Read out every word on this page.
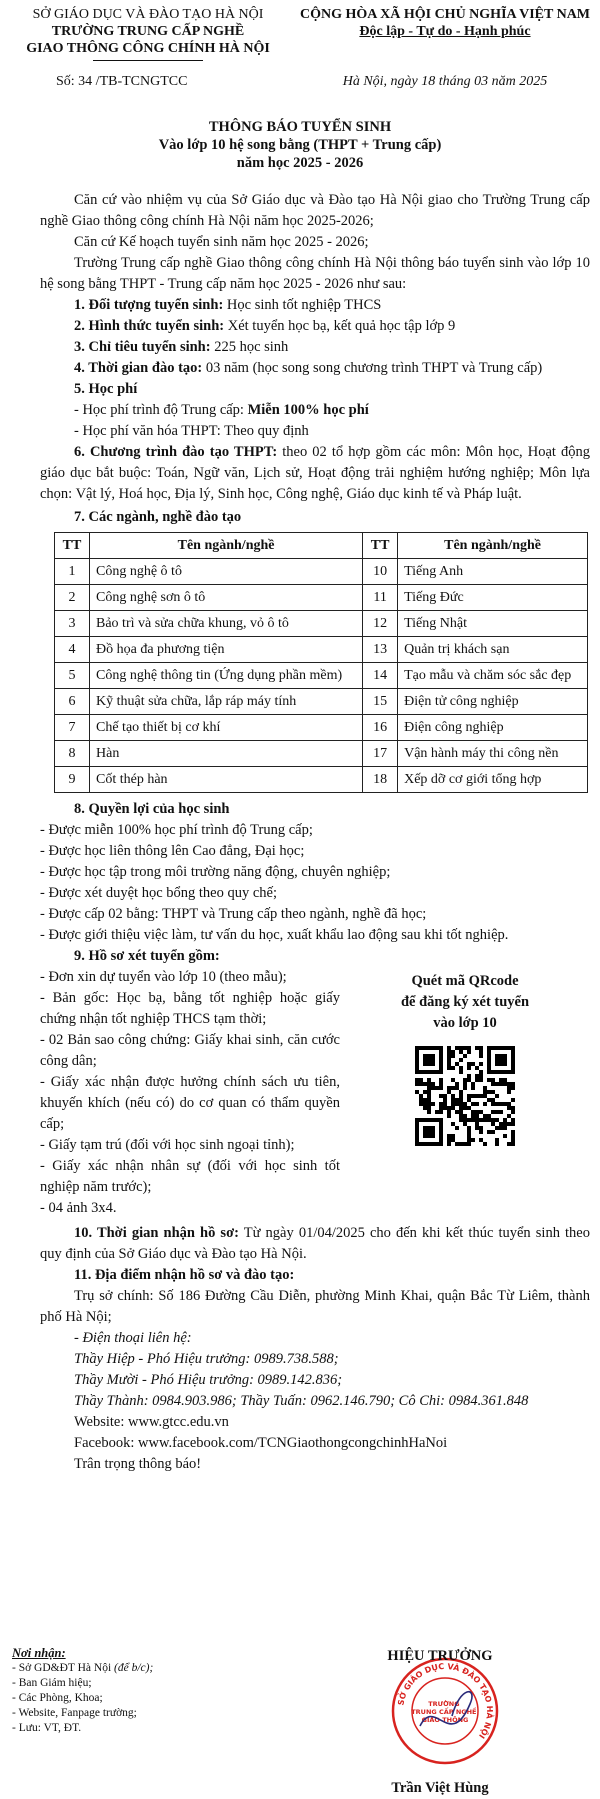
SỞ GIÁO DỤC VÀ ĐÀO TẠO HÀ NỘI
TRƯỜNG TRUNG CẤP NGHỀ
GIAO THÔNG CÔNG CHÍNH HÀ NỘI
CỘNG HÒA XÃ HỘI CHỦ NGHĨA VIỆT NAM
Độc lập - Tự do - Hạnh phúc
Số: 34 /TB-TCNGTCC	Hà Nội, ngày 18 tháng 03 năm 2025
THÔNG BÁO TUYỂN SINH
Vào lớp 10 hệ song bằng (THPT + Trung cấp)
năm học 2025 - 2026

Căn cứ vào nhiệm vụ của Sở Giáo dục và Đào tạo Hà Nội giao cho Trường Trung cấp nghề Giao thông công chính Hà Nội năm học 2025-2026;

Căn cứ Kế hoạch tuyển sinh năm học 2025 - 2026;

Trường Trung cấp nghề Giao thông công chính Hà Nội thông báo tuyển sinh vào lớp 10 hệ song bằng THPT - Trung cấp năm học 2025 - 2026 như sau:

1. Đối tượng tuyển sinh: Học sinh tốt nghiệp THCS

2. Hình thức tuyển sinh: Xét tuyển học bạ, kết quả học tập lớp 9

3. Chỉ tiêu tuyển sinh: 225 học sinh

4. Thời gian đào tạo: 03 năm (học song song chương trình THPT và Trung cấp)

5. Học phí

- Học phí trình độ Trung cấp: Miễn 100% học phí

- Học phí văn hóa THPT: Theo quy định

6. Chương trình đào tạo THPT: theo 02 tổ hợp gồm các môn: Môn học, Hoạt động giáo dục bắt buộc: Toán, Ngữ văn, Lịch sử, Hoạt động trải nghiệm hướng nghiệp; Môn lựa chọn: Vật lý, Hoá học, Địa lý, Sinh học, Công nghệ, Giáo dục kinh tế và Pháp luật.

7. Các ngành, nghề đào tạo

TT	Tên ngành/nghề	TT	Tên ngành/nghề
1	Công nghệ ô tô	10	Tiếng Anh
2	Công nghệ sơn ô tô	11	Tiếng Đức
3	Bảo trì và sửa chữa khung, vỏ ô tô	12	Tiếng Nhật
4	Đồ họa đa phương tiện	13	Quản trị khách sạn
5	Công nghệ thông tin (Ứng dụng phần mềm)	14	Tạo mẫu và chăm sóc sắc đẹp
6	Kỹ thuật sửa chữa, lắp ráp máy tính	15	Điện tử công nghiệp
7	Chế tạo thiết bị cơ khí	16	Điện công nghiệp
8	Hàn	17	Vận hành máy thi công nền
9	Cốt thép hàn	18	Xếp dỡ cơ giới tổng hợp

8. Quyền lợi của học sinh

- Được miễn 100% học phí trình độ Trung cấp;

- Được học liên thông lên Cao đẳng, Đại học;

- Được học tập trong môi trường năng động, chuyên nghiệp;

- Được xét duyệt học bổng theo quy chế;

- Được cấp 02 bằng: THPT và Trung cấp theo ngành, nghề đã học;

- Được giới thiệu việc làm, tư vấn du học, xuất khẩu lao động sau khi tốt nghiệp.

9. Hồ sơ xét tuyển gồm:

- Đơn xin dự tuyển vào lớp 10 (theo mẫu);

- Bản gốc: Học bạ, bằng tốt nghiệp hoặc giấy chứng nhận tốt nghiệp THCS tạm thời;

- 02 Bản sao công chứng: Giấy khai sinh, căn cước công dân;

- Giấy xác nhận được hưởng chính sách ưu tiên, khuyến khích (nếu có) do cơ quan có thẩm quyền cấp;

- Giấy tạm trú (đối với học sinh ngoại tỉnh);

- Giấy xác nhận nhân sự (đối với học sinh tốt nghiệp năm trước);

- 04 ảnh 3x4.

Quét mã QRcode
để đăng ký xét tuyển
vào lớp 10

10. Thời gian nhận hồ sơ: Từ ngày 01/04/2025 cho đến khi kết thúc tuyển sinh theo quy định của Sở Giáo dục và Đào tạo Hà Nội.

11. Địa điểm nhận hồ sơ và đào tạo:

Trụ sở chính: Số 186 Đường Cầu Diễn, phường Minh Khai, quận Bắc Từ Liêm, thành phố Hà Nội;

- Điện thoại liên hệ:

Thầy Hiệp - Phó Hiệu trưởng: 0989.738.588;

Thầy Mười - Phó Hiệu trưởng: 0989.142.836;

Thầy Thành: 0984.903.986; Thầy Tuấn: 0962.146.790; Cô Chi: 0984.361.848

Website: www.gtcc.edu.vn

Facebook: www.facebook.com/TCNGiaothongcongchinhHaNoi

Trân trọng thông báo!

Nơi nhận:
- Sở GD&ĐT Hà Nội (để b/c);
- Ban Giám hiệu;
- Các Phòng, Khoa;
- Website, Fanpage trường;
- Lưu: VT, ĐT.
HIỆU TRƯỞNG
SỞ GIÁO DỤC VÀ ĐÀO TẠO HÀ NỘI
TRƯỜNG TRUNG CẤP NGHỀ GIAO THÔNG
Trần Việt Hùng
